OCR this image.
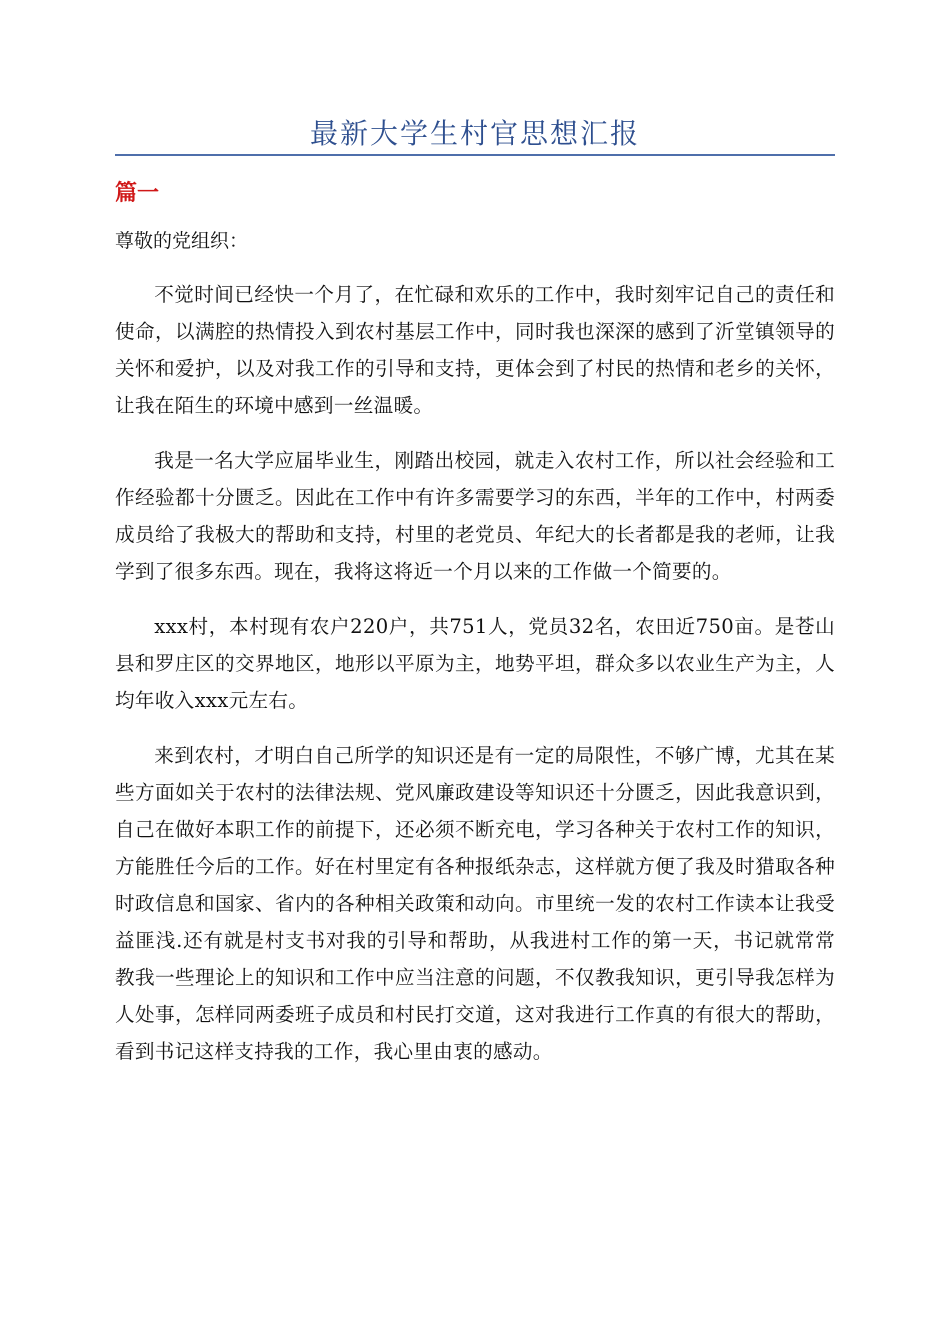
最新大学生村官思想汇报
篇一

尊敬的党组织：

不觉时间已经快一个月了，在忙碌和欢乐的工作中，我时刻牢记自己的责任和使命，以满腔的热情投入到农村基层工作中，同时我也深深的感到了沂堂镇领导的关怀和爱护，以及对我工作的引导和支持，更体会到了村民的热情和老乡的关怀，让我在陌生的环境中感到一丝温暖。

我是一名大学应届毕业生，刚踏出校园，就走入农村工作，所以社会经验和工作经验都十分匮乏。因此在工作中有许多需要学习的东西，半年的工作中，村两委成员给了我极大的帮助和支持，村里的老党员、年纪大的长者都是我的老师，让我学到了很多东西。现在，我将这将近一个月以来的工作做一个简要的。

xxx村，本村现有农户220户，共751人，党员32名，农田近750亩。是苍山县和罗庄区的交界地区，地形以平原为主，地势平坦，群众多以农业生产为主，人均年收入xxx元左右。

来到农村，才明白自己所学的知识还是有一定的局限性，不够广博，尤其在某些方面如关于农村的法律法规、党风廉政建设等知识还十分匮乏，因此我意识到，自己在做好本职工作的前提下，还必须不断充电，学习各种关于农村工作的知识，方能胜任今后的工作。好在村里定有各种报纸杂志，这样就方便了我及时猎取各种时政信息和国家、省内的各种相关政策和动向。市里统一发的农村工作读本让我受益匪浅.还有就是村支书对我的引导和帮助，从我进村工作的第一天，书记就常常教我一些理论上的知识和工作中应当注意的问题，不仅教我知识，更引导我怎样为人处事，怎样同两委班子成员和村民打交道，这对我进行工作真的有很大的帮助，看到书记这样支持我的工作，我心里由衷的感动。
